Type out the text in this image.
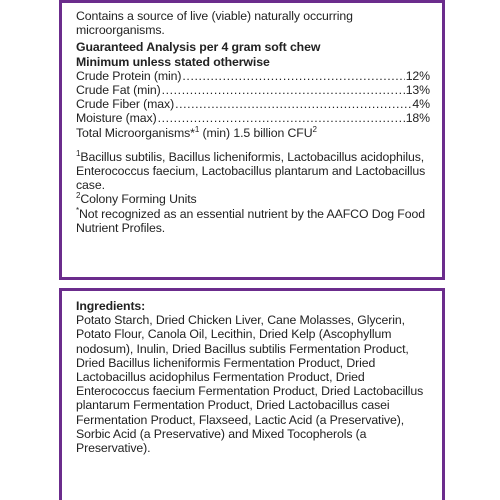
Contains a source of live (viable) naturally occurring microorganisms.

Guaranteed Analysis per 4 gram soft chew
Minimum unless stated otherwise
Crude Protein (min) .....	12%
Crude Fat (min) .....	13%
Crude Fiber (max) .....	4%
Moisture (max) .....	18%
Total Microorganisms*$^1$ (min) 1.5 billion CFU$^2$

$^1$Bacillus subtilis, Bacillus licheniformis, Lactobacillus acidophilus, Enterococcus faecium, Lactobacillus plantarum and Lactobacillus case.

$^2$Colony Forming Units

*Not recognized as an essential nutrient by the AAFCO Dog Food Nutrient Profiles.

Ingredients:

Potato Starch, Dried Chicken Liver, Cane Molasses, Glycerin, Potato Flour, Canola Oil, Lecithin, Dried Kelp (Ascophyllum nodosum), Inulin, Dried Bacillus subtilis Fermentation Product, Dried Bacillus licheniformis Fermentation Product, Dried Lactobacillus acidophilus Fermentation Product, Dried Enterococcus faecium Fermentation Product, Dried Lactobacillus plantarum Fermentation Product, Dried Lactobacillus casei Fermentation Product, Flaxseed, Lactic Acid (a Preservative), Sorbic Acid (a Preservative) and Mixed Tocopherols (a Preservative).
